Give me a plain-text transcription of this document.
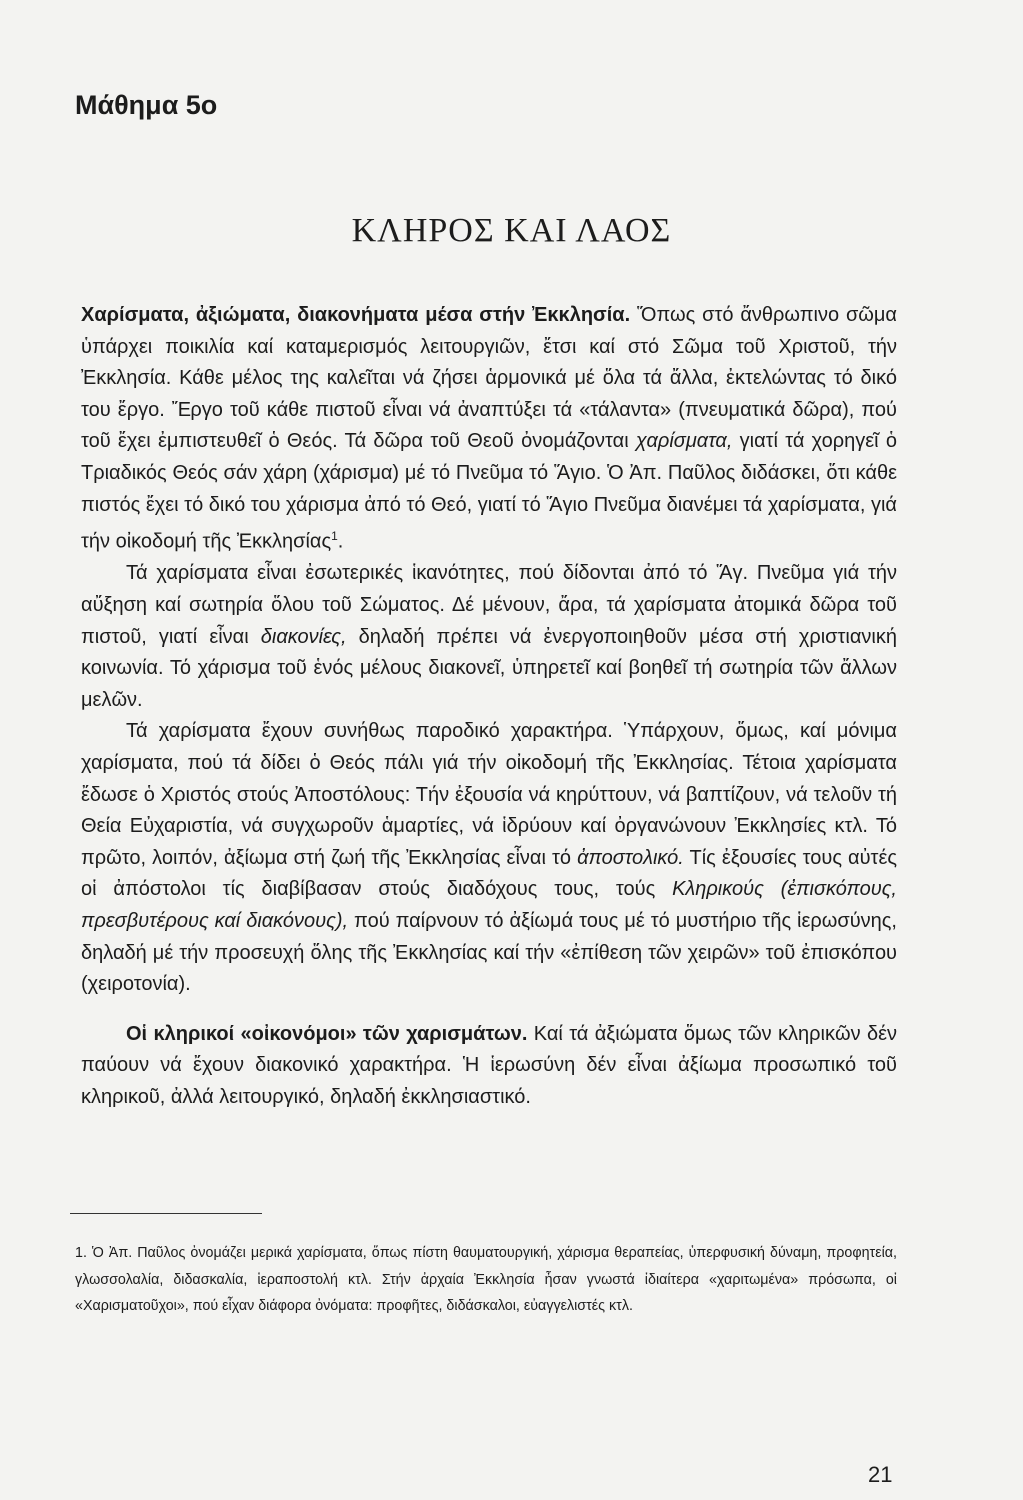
Μάθημα 5ο
ΚΛΗΡΟΣ ΚΑΙ ΛΑΟΣ

Χαρίσματα, ἀξιώματα, διακονήματα μέσα στήν Ἐκκλησία. Ὅπως στό ἄνθρωπινο σῶμα ὑπάρχει ποικιλία καί καταμερισμός λειτουργιῶν, ἔτσι καί στό Σῶμα τοῦ Χριστοῦ, τήν Ἐκκλησία. Κάθε μέλος της καλεῖται νά ζήσει ἁρμονικά μέ ὅλα τά ἄλλα, ἐκτελώντας τό δικό του ἔργο. Ἔργο τοῦ κάθε πιστοῦ εἶναι νά ἀναπτύξει τά «τάλαντα» (πνευματικά δῶρα), πού τοῦ ἔχει ἐμπιστευθεῖ ὁ Θεός. Τά δῶρα τοῦ Θεοῦ ὀνομάζονται χαρίσματα, γιατί τά χορηγεῖ ὁ Τριαδικός Θεός σάν χάρη (χάρισμα) μέ τό Πνεῦμα τό Ἅγιο. Ὁ Ἀπ. Παῦλος διδάσκει, ὅτι κάθε πιστός ἔχει τό δικό του χάρισμα ἀπό τό Θεό, γιατί τό Ἅγιο Πνεῦμα διανέμει τά χαρίσματα, γιά τήν οἰκοδομή τῆς Ἐκκλησίας$^1$.

Τά χαρίσματα εἶναι ἐσωτερικές ἱκανότητες, πού δίδονται ἀπό τό Ἅγ. Πνεῦμα γιά τήν αὔξηση καί σωτηρία ὅλου τοῦ Σώματος. Δέ μένουν, ἄρα, τά χαρίσματα ἀτομικά δῶρα τοῦ πιστοῦ, γιατί εἶναι διακονίες, δηλαδή πρέπει νά ἐνεργοποιηθοῦν μέσα στή χριστιανική κοινωνία. Τό χάρισμα τοῦ ἑνός μέλους διακονεῖ, ὑπηρετεῖ καί βοηθεῖ τή σωτηρία τῶν ἄλλων μελῶν.

Τά χαρίσματα ἔχουν συνήθως παροδικό χαρακτήρα. Ὑπάρχουν, ὅμως, καί μόνιμα χαρίσματα, πού τά δίδει ὁ Θεός πάλι γιά τήν οἰκοδομή τῆς Ἐκκλησίας. Τέτοια χαρίσματα ἔδωσε ὁ Χριστός στούς Ἀποστόλους: Τήν ἐξουσία νά κηρύττουν, νά βαπτίζουν, νά τελοῦν τή Θεία Εὐχαριστία, νά συγχωροῦν ἁμαρτίες, νά ἱδρύουν καί ὀργανώνουν Ἐκκλησίες κτλ. Τό πρῶτο, λοιπόν, ἀξίωμα στή ζωή τῆς Ἐκκλησίας εἶναι τό ἀποστολικό. Τίς ἐξουσίες τους αὐτές οἱ ἀπόστολοι τίς διαβίβασαν στούς διαδόχους τους, τούς Κληρικούς (ἐπισκόπους, πρεσβυτέρους καί διακόνους), πού παίρνουν τό ἀξίωμά τους μέ τό μυστήριο τῆς ἱερωσύνης, δηλαδή μέ τήν προσευχή ὅλης τῆς Ἐκκλησίας καί τήν «ἐπίθεση τῶν χειρῶν» τοῦ ἐπισκόπου (χειροτονία).

Οἱ κληρικοί «οἰκονόμοι» τῶν χαρισμάτων. Καί τά ἀξιώματα ὅμως τῶν κληρικῶν δέν παύουν νά ἔχουν διακονικό χαρακτήρα. Ἡ ἱερωσύνη δέν εἶναι ἀξίωμα προσωπικό τοῦ κληρικοῦ, ἀλλά λειτουργικό, δηλαδή ἐκκλησιαστικό.

1. Ὁ Ἀπ. Παῦλος ὀνομάζει μερικά χαρίσματα, ὅπως πίστη θαυματουργική, χάρισμα θεραπείας, ὑπερφυσική δύναμη, προφητεία, γλωσσολαλία, διδασκαλία, ἱεραποστολή κτλ. Στήν ἀρχαία Ἐκκλησία ἦσαν γνωστά ἰδιαίτερα «χαριτωμένα» πρόσωπα, οἱ «Χαρισματοῦχοι», πού εἶχαν διάφορα ὀνόματα: προφῆτες, διδάσκαλοι, εὐαγγελιστές κτλ.
21
